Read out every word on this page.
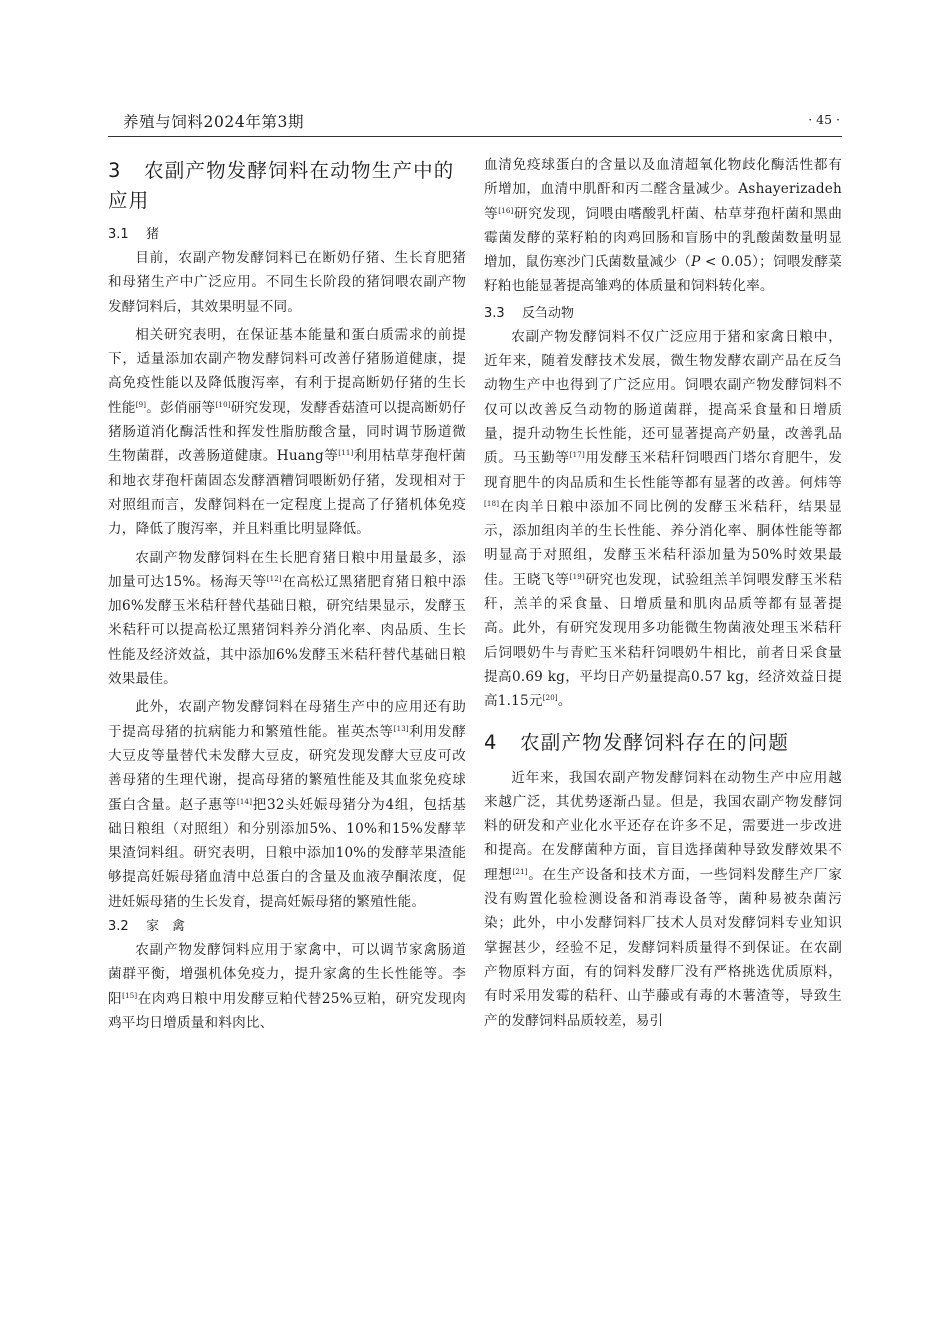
养殖与饲料2024年第3期	· 45 ·
3 农副产物发酵饲料在动物生产中的应用
3.1 猪

目前，农副产物发酵饲料已在断奶仔猪、生长育肥猪和母猪生产中广泛应用。不同生长阶段的猪饲喂农副产物发酵饲料后，其效果明显不同。

相关研究表明，在保证基本能量和蛋白质需求的前提下，适量添加农副产物发酵饲料可改善仔猪肠道健康，提高免疫性能以及降低腹泻率，有利于提高断奶仔猪的生长性能[9]。彭俏丽等[10]研究发现，发酵香菇渣可以提高断奶仔猪肠道消化酶活性和挥发性脂肪酸含量，同时调节肠道微生物菌群，改善肠道健康。Huang等[11]利用枯草芽孢杆菌和地衣芽孢杆菌固态发酵酒糟饲喂断奶仔猪，发现相对于对照组而言，发酵饲料在一定程度上提高了仔猪机体免疫力，降低了腹泻率，并且料重比明显降低。

农副产物发酵饲料在生长肥育猪日粮中用量最多，添加量可达15%。杨海天等[12]在高松辽黑猪肥育猪日粮中添加6%发酵玉米秸秆替代基础日粮，研究结果显示，发酵玉米秸秆可以提高松辽黑猪饲料养分消化率、肉品质、生长性能及经济效益，其中添加6%发酵玉米秸秆替代基础日粮效果最佳。

此外，农副产物发酵饲料在母猪生产中的应用还有助于提高母猪的抗病能力和繁殖性能。崔英杰等[13]利用发酵大豆皮等量替代未发酵大豆皮，研究发现发酵大豆皮可改善母猪的生理代谢，提高母猪的繁殖性能及其血浆免疫球蛋白含量。赵子惠等[14]把32头妊娠母猪分为4组，包括基础日粮组（对照组）和分别添加5%、10%和15%发酵苹果渣饲料组。研究表明，日粮中添加10%的发酵苹果渣能够提高妊娠母猪血清中总蛋白的含量及血液孕酮浓度，促进妊娠母猪的生长发育，提高妊娠母猪的繁殖性能。

3.2 家　禽

农副产物发酵饲料应用于家禽中，可以调节家禽肠道菌群平衡，增强机体免疫力，提升家禽的生长性能等。李阳[15]在肉鸡日粮中用发酵豆粕代替25%豆粕，研究发现肉鸡平均日增质量和料肉比、

血清免疫球蛋白的含量以及血清超氧化物歧化酶活性都有所增加，血清中肌酐和丙二醛含量减少。Ashayerizadeh等[16]研究发现，饲喂由嗜酸乳杆菌、枯草芽孢杆菌和黑曲霉菌发酵的菜籽粕的肉鸡回肠和盲肠中的乳酸菌数量明显增加，鼠伤寒沙门氏菌数量减少（P < 0.05）；饲喂发酵菜籽粕也能显著提高雏鸡的体质量和饲料转化率。

3.3 反刍动物

农副产物发酵饲料不仅广泛应用于猪和家禽日粮中，近年来，随着发酵技术发展，微生物发酵农副产品在反刍动物生产中也得到了广泛应用。饲喂农副产物发酵饲料不仅可以改善反刍动物的肠道菌群，提高采食量和日增质量，提升动物生长性能，还可显著提高产奶量，改善乳品质。马玉勤等[17]用发酵玉米秸秆饲喂西门塔尔育肥牛，发现育肥牛的肉品质和生长性能等都有显著的改善。何炜等[18]在肉羊日粮中添加不同比例的发酵玉米秸秆，结果显示，添加组肉羊的生长性能、养分消化率、胴体性能等都明显高于对照组，发酵玉米秸秆添加量为50%时效果最佳。王晓飞等[19]研究也发现，试验组羔羊饲喂发酵玉米秸秆，羔羊的采食量、日增质量和肌肉品质等都有显著提高。此外，有研究发现用多功能微生物菌液处理玉米秸秆后饲喂奶牛与青贮玉米秸秆饲喂奶牛相比，前者日采食量提高0.69 kg，平均日产奶量提高0.57 kg，经济效益日提高1.15元[20]。

4 农副产物发酵饲料存在的问题

近年来，我国农副产物发酵饲料在动物生产中应用越来越广泛，其优势逐渐凸显。但是，我国农副产物发酵饲料的研发和产业化水平还存在许多不足，需要进一步改进和提高。在发酵菌种方面，盲目选择菌种导致发酵效果不理想[21]。在生产设备和技术方面，一些饲料发酵生产厂家没有购置化验检测设备和消毒设备等，菌种易被杂菌污染；此外，中小发酵饲料厂技术人员对发酵饲料专业知识掌握甚少，经验不足，发酵饲料质量得不到保证。在农副产物原料方面，有的饲料发酵厂没有严格挑选优质原料，有时采用发霉的秸秆、山芋藤或有毒的木薯渣等，导致生产的发酵饲料品质较差，易引
